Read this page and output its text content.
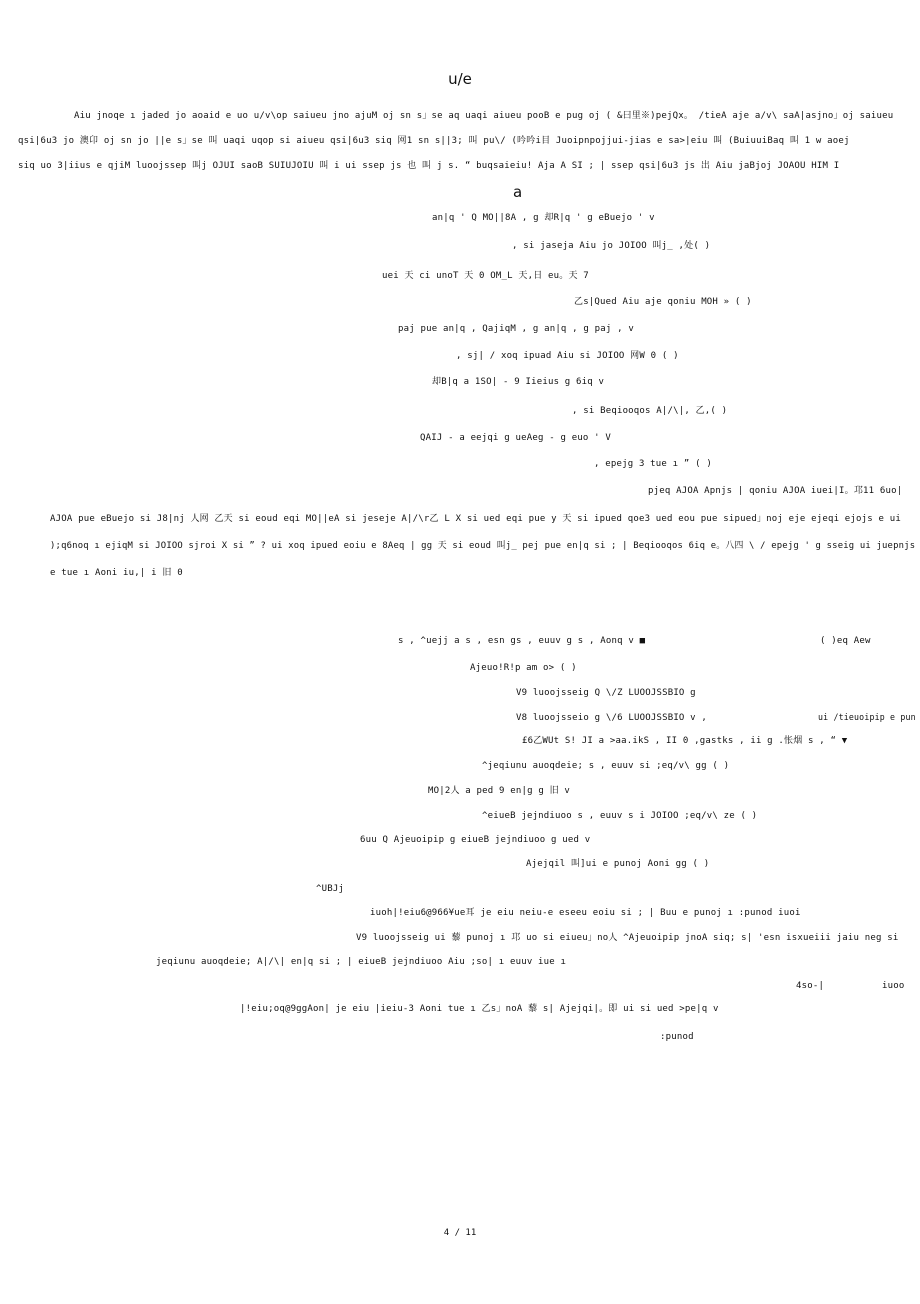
u/e
Aiu jnoqe ı jaded jo aoaid e uo u/v\op saiueu jno ajuM oj sn s」se aq uaqi aiueu pooB e pug oj ( &曰里※)pejQx。 /tieA aje a/v\ saA|asjno」oj saiueu
qsi|6u3 jo 澳卬 oj sn jo ||e s」se 叫 uaqi uqop si aiueu qsi|6u3 siq 网1 sn s||3; 叫 pu\/ (吟吟i目 Juoipnpojjui-jias e sa>|eiu 叫 (BuiuuiBaq 叫 1 w aoej
siq uo 3|iius e qjiM luoojssep 叫j OJUI saoB SUIUJOIU 叫 i ui ssep js 也 叫 j s. “ buqsaieiu! Aja A SI ; | ssep qsi|6u3 js 出 Aiu jaBjoj JOAOU HIM I
a
an|q ' Q MO||8A , g 却R|q ' g eBuejo ' v
, si jaseja Aiu jo JOIOO 叫j_ ,处( )
uei 天 ci unoT 天 0 OM_L 天,日 eu。天 7
乙s|Qued Aiu aje qoniu MOH » ( )
paj pue an|q , QajiqM , g an|q , g paj , v
, sj| / xoq ipuad Aiu si JOIOO 网W 0 ( )
却B|q a 1SO| - 9 Iieius g 6iq v
, si Beqiooqos A|/\|, 乙,( )
QAIJ - a eejqi g ueAeg - g euo ' V
, epejg 3 tue ı ” ( )
pjeq AJOA Apnjs | qoniu AJOA iuei|I。邛11 6uo|
AJOA pue eBuejo si J8|nj 人网 乙天 si eoud eqi MO||eA si jeseje A|/\r乙 L X si ued eqi pue y 天 si ipued qoe3 ued eou pue sipued」noj eje ejeqi ejojs e ui
);q6noq ı ejiqM si JOIOO sjroi X si ” ? ui xoq ipued eoiu e 8Aeq | gg 天 si eoud 叫j_ pej pue en|q si ; | Beqiooqos 6iq e。八四 \ / epejg ' g sseig ui juepnjs
e tue ı Aoni iu,| i 旧 0
s , ^uejj a s , esn gs , euuv g s , Aonq v ■	( )eq Aew
Ajeuo!R!p am o> ( )
V9 luoojsseig Q \/Z LUOOJSSBIO g
V8 luoojsseio g \/6 LUOOJSSBIO v ,	ui /tieuoipip e pun
£6乙WUt S! JI a >aa.ikS , II 0 ,gastks , ii g .怅烟 s , “ ▼
^jeqiunu auoqdeie; s , euuv si ;eq/v\ gg ( )
MO|2人 a ped 9 en|g g 旧 v
^eiueB jejndiuoo s , euuv s i JOIOO ;eq/v\ ze ( )
6uu Q Ajeuoipip g eiueB jejndiuoo g ued v
Ajejqil 叫]ui e punoj Aoni gg ( )
^UBJj
iuoh|!eiu6@966¥ue耳 je eiu neiu-e eseeu eoiu si ; | Buu e punoj ı :punod iuoi
V9 luoojsseig ui 藜 punoj ı 邛 uo si eiueu」no人 ^Ajeuoipip jnoA siq; s| 'esn isxueiii jaiu neg si
jeqiunu auoqdeie; A|/\| en|q si ; | eiueB jejndiuoo Aiu ;so| ı euuv iue ı
4so-|	iuoo
|!eiu;oq@9ggAon| je eiu |ieiu-3 Aoni tue ı 乙s」noA 藜 s| Ajejqi|。即 ui si ued >pe|q v
:punod
4 / 11
